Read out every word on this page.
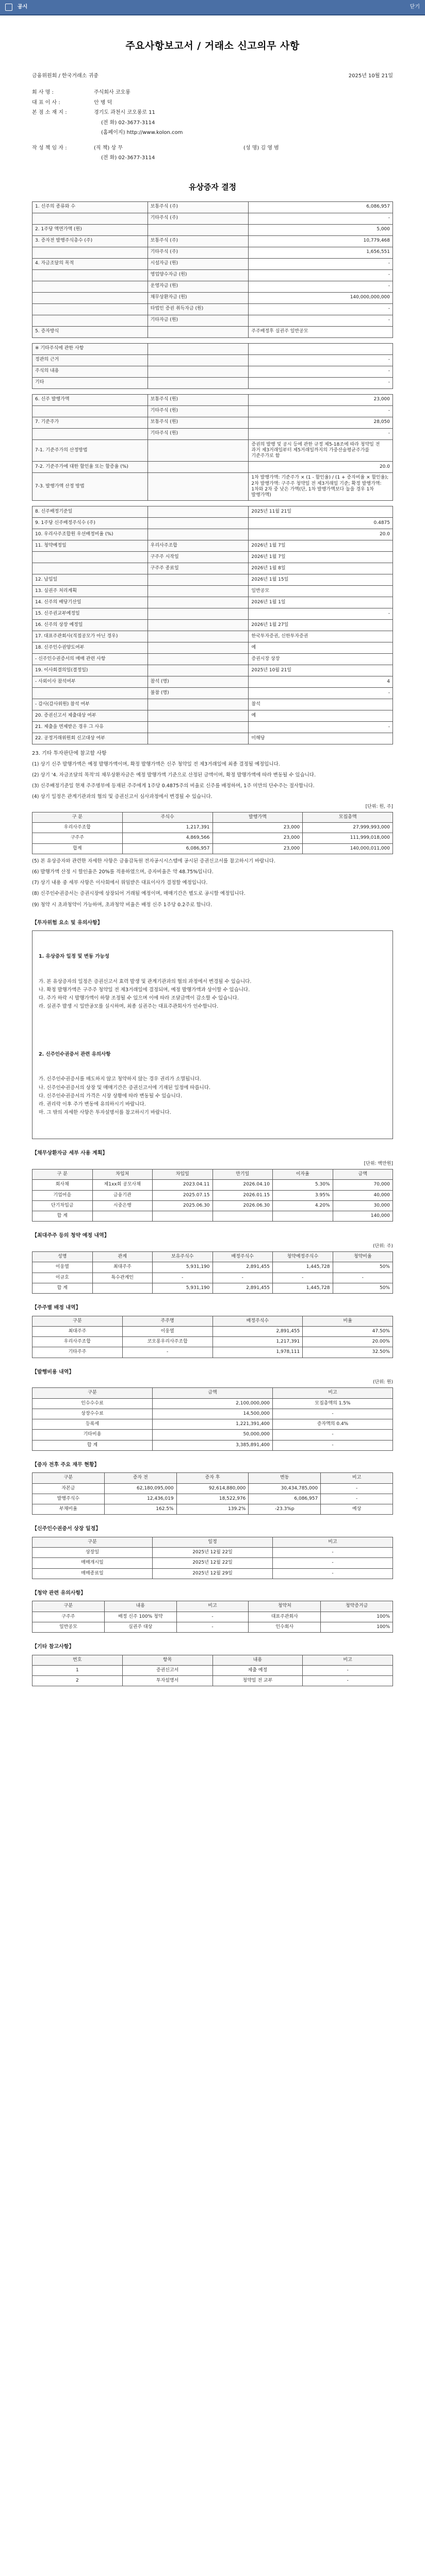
공시	닫기
주요사항보고서 / 거래소 신고의무 사항
금융위원회 / 한국거래소 귀중	2025년 10월 21일
회 사 명 :	주식회사 코오롱
대 표 이 사 :	안 병 덕
본 점 소 재 지 :	경기도 과천시 코오롱로 11
(전 화) 02-3677-3114
(홈페이지) http://www.kolon.com
작 성 책 임 자 :	(직 책) 상 무	(성 명) 김 영 범
(전 화) 02-3677-3114
유상증자 결정
1. 신주의 종류와 수	보통주식 (주)	6,086,957
	기타주식 (주)	-
2. 1주당 액면가액 (원)		5,000
3. 증자전 발행주식총수 (주)	보통주식 (주)	10,779,468
	기타주식 (주)	1,656,551
4. 자금조달의 목적	시설자금 (원)	-
	영업양수자금 (원)	-
	운영자금 (원)	-
	채무상환자금 (원)	140,000,000,000
	타법인 증권 취득자금 (원)	-
	기타자금 (원)	-
5. 증자방식		주주배정후 실권주 일반공모
※ 기타주식에 관한 사항		
정관의 근거		-
주식의 내용		-
기타		-
6. 신주 발행가액	보통주식 (원)	23,000
	기타주식 (원)	-
7. 기준주가	보통주식 (원)	28,050
	기타주식 (원)	-
7-1. 기준주가의 산정방법		증권의 발행 및 공시 등에 관한 규정 제5-18조에 따라 청약일 전 과거 제3거래일부터 제5거래일까지의 가중산술평균주가를 기준주가로 함
7-2. 기준주가에 대한 할인율 또는 할증율 (%)		20.0
7-3. 발행가액 산정 방법		1차 발행가액: 기준주가 × (1 - 할인율) / (1 + 증자비율 × 할인율); 2차 발행가액: 구주주 청약일 전 제3거래일 기준; 확정 발행가액: 1차와 2차 중 낮은 가액(단, 1차 발행가액보다 높을 경우 1차 발행가액)
8. 신주배정기준일		2025년 11월 21일
9. 1주당 신주배정주식수 (주)		0.4875
10. 우리사주조합원 우선배정비율 (%)		20.0
11. 청약예정일	우리사주조합	2026년 1월 7일
	구주주 시작일	2026년 1월 7일
	구주주 종료일	2026년 1월 8일
12. 납입일		2026년 1월 15일
13. 실권주 처리계획		일반공모
14. 신주의 배당기산일		2026년 1월 1일
15. 신주권교부예정일		-
16. 신주의 상장 예정일		2026년 1월 27일
17. 대표주관회사(직접공모가 아닌 경우)		한국투자증권, 신한투자증권
18. 신주인수권양도여부		예
- 신주인수권증서의 매매 관련 사항		증권시장 상장
19. 이사회결의일(결정일)		2025년 10월 21일
- 사외이사 참석여부	참석 (명)	4
	불참 (명)	-
- 감사(감사위원) 참석 여부		참석
20. 증권신고서 제출대상 여부		예
21. 제출을 면제받은 경우 그 사유		-
22. 공정거래위원회 신고대상 여부		미해당
23. 기타 투자판단에 참고할 사항
(1) 상기 신주 발행가액은 예정 발행가액이며, 확정 발행가액은 신주 청약일 전 제3거래일에 최종 결정될 예정입니다.
(2) 상기 '4. 자금조달의 목적'의 채무상환자금은 예정 발행가액 기준으로 산정된 금액이며, 확정 발행가액에 따라 변동될 수 있습니다.
(3) 신주배정기준일 현재 주주명부에 등재된 주주에게 1주당 0.4875주의 비율로 신주를 배정하며, 1주 미만의 단수주는 절사합니다.
(4) 상기 일정은 관계기관과의 협의 및 증권신고서 심사과정에서 변경될 수 있습니다.
[단위: 원, 주]
구 분	주식수	발행가액	모집총액
우리사주조합	1,217,391	23,000	27,999,993,000
구주주	4,869,566	23,000	111,999,018,000
합계	6,086,957	23,000	140,000,011,000
(5) 본 유상증자와 관련한 자세한 사항은 금융감독원 전자공시시스템에 공시된 증권신고서를 참고하시기 바랍니다.
(6) 발행가액 산정 시 할인율은 20%를 적용하였으며, 증자비율은 약 48.75%입니다.
(7) 상기 내용 중 세부 사항은 이사회에서 위임받은 대표이사가 결정할 예정입니다.
(8) 신주인수권증서는 증권시장에 상장되어 거래될 예정이며, 매매기간은 별도로 공시할 예정입니다.
(9) 청약 시 초과청약이 가능하며, 초과청약 비율은 배정 신주 1주당 0.2주로 합니다.
【투자위험 요소 및 유의사항】

1. 유상증자 일정 및 변동 가능성

가. 본 유상증자의 일정은 증권신고서 효력 발생 및 관계기관과의 협의 과정에서 변경될 수 있습니다.
나. 확정 발행가액은 구주주 청약일 전 제3거래일에 결정되며, 예정 발행가액과 상이할 수 있습니다.
다. 주가 하락 시 발행가액이 하향 조정될 수 있으며 이에 따라 조달금액이 감소할 수 있습니다.
라. 실권주 발생 시 일반공모를 실시하며, 최종 실권주는 대표주관회사가 인수합니다.

2. 신주인수권증서 관련 유의사항

가. 신주인수권증서를 매도하지 않고 청약하지 않는 경우 권리가 소멸됩니다.
나. 신주인수권증서의 상장 및 매매기간은 증권신고서에 기재된 일정에 따릅니다.
다. 신주인수권증서의 가격은 시장 상황에 따라 변동될 수 있습니다.
라. 권리락 이후 주가 변동에 유의하시기 바랍니다.
마. 그 밖의 자세한 사항은 투자설명서를 참고하시기 바랍니다.

【채무상환자금 세부 사용 계획】
[단위: 백만원]
구 분	차입처	차입일	만기일	이자율	금액
회사채	제1xx회 공모사채	2023.04.11	2026.04.10	5.30%	70,000
기업어음	금융기관	2025.07.15	2026.01.15	3.95%	40,000
단기차입금	시중은행	2025.06.30	2026.06.30	4.20%	30,000
합 계					140,000
【최대주주 등의 청약 예정 내역】
(단위: 주)
성명	관계	보유주식수	배정주식수	청약예정주식수	청약비율
이웅열	최대주주	5,931,190	2,891,455	1,445,728	50%
이규호	특수관계인	-	-	-	-
합 계		5,931,190	2,891,455	1,445,728	50%
【주주별 배정 내역】
구분	주주명	배정주식수	비율
최대주주	이웅열	2,891,455	47.50%
우리사주조합	코오롱우리사주조합	1,217,391	20.00%
기타주주	-	1,978,111	32.50%
【발행비용 내역】
(단위: 원)
구분	금액	비고
인수수수료	2,100,000,000	모집총액의 1.5%
상장수수료	14,500,000	-
등록세	1,221,391,400	증자액의 0.4%
기타비용	50,000,000	-
합 계	3,385,891,400	-
【증자 전후 주요 재무 현황】
구분	증자 전	증자 후	변동	비고
자본금	62,180,095,000	92,614,880,000	30,434,785,000	-
발행주식수	12,436,019	18,522,976	6,086,957	-
부채비율	162.5%	139.2%	-23.3%p	예상
【신주인수권증서 상장 일정】
구분	일정	비고
상장일	2025년 12월 22일	-
매매개시일	2025년 12월 22일	-
매매종료일	2025년 12월 29일	-
【청약 관련 유의사항】
구분	내용	비고	청약처	청약증거금
구주주	배정 신주 100% 청약	-	대표주관회사	100%
일반공모	실권주 대상	-	인수회사	100%
【기타 참고사항】
번호	항목	내용	비고
1	증권신고서	제출 예정	-
2	투자설명서	청약일 전 교부	-
